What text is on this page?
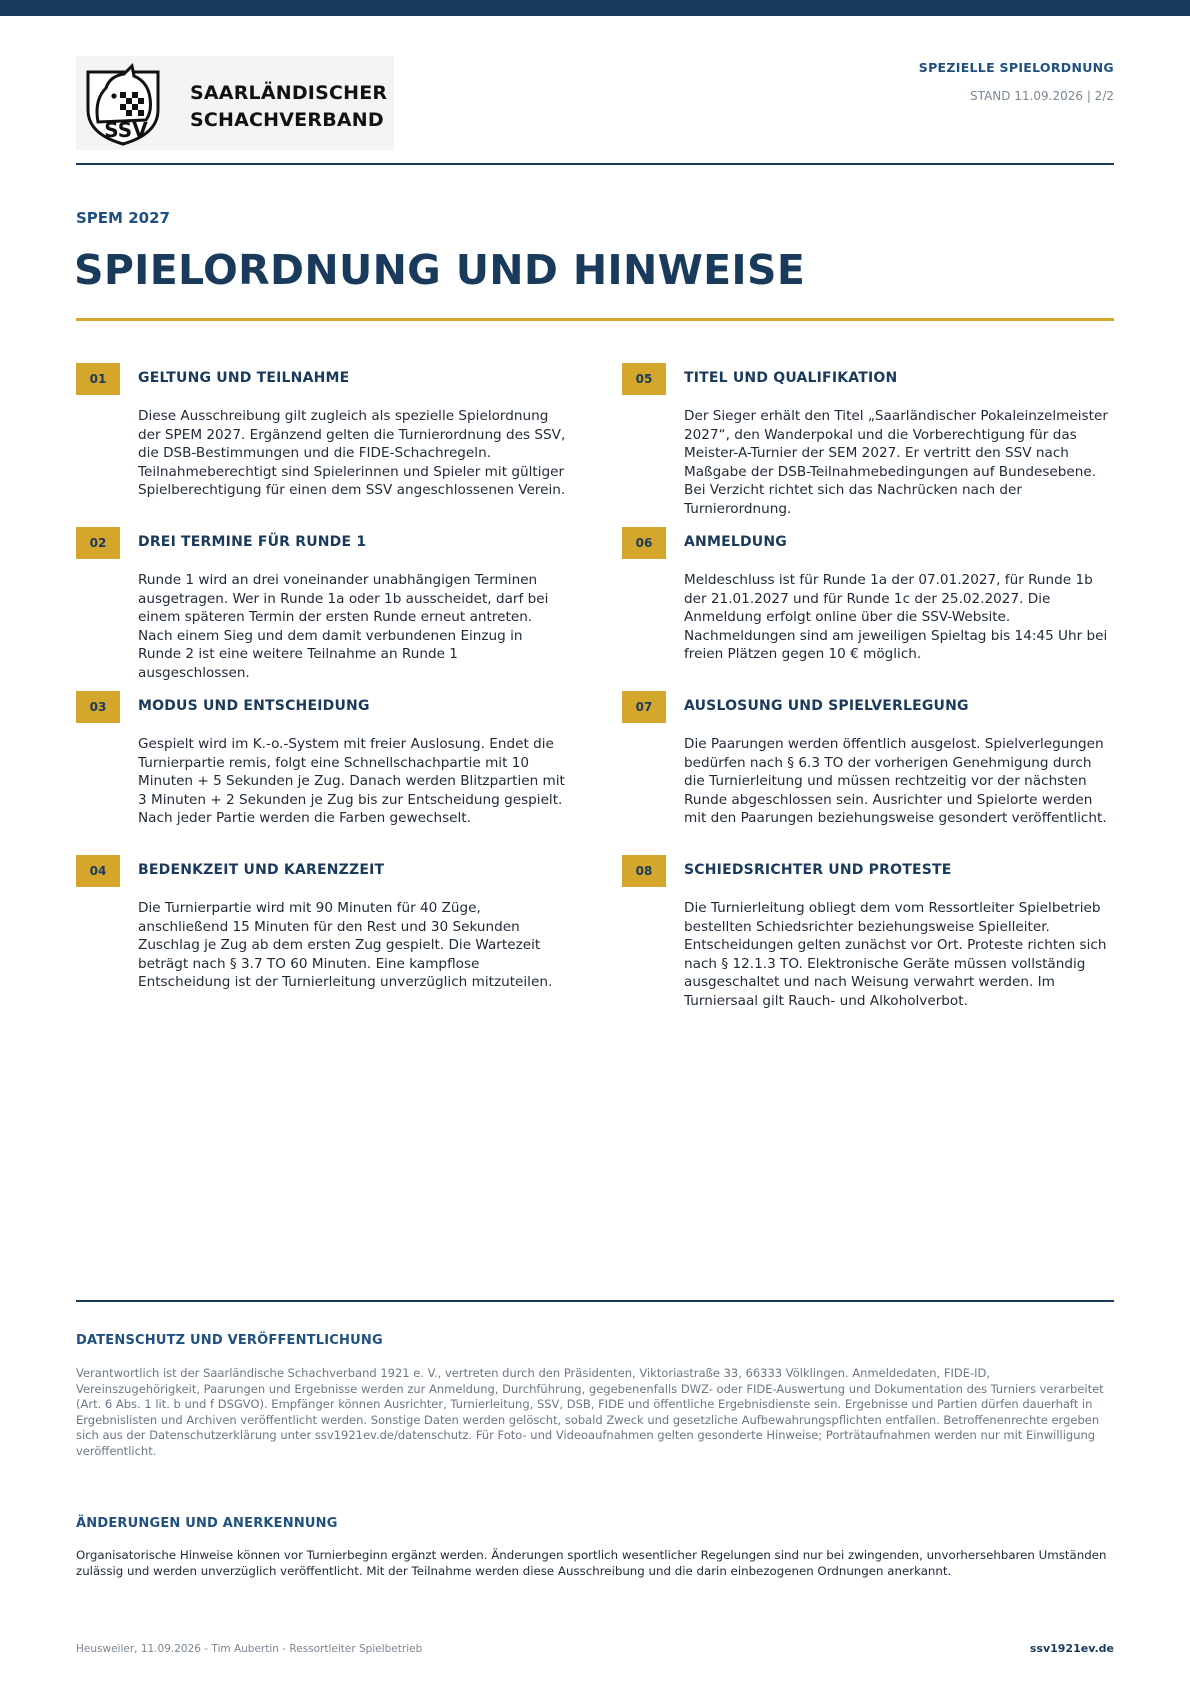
SSV
SAARLÄNDISCHER
SCHACHVERBAND
SPEZIELLE SPIELORDNUNG
STAND 11.09.2026 | 2/2
SPEM 2027
SPIELORDNUNG UND HINWEISE
01	GELTUNG UND TEILNAHME
Diese Ausschreibung gilt zugleich als spezielle Spielordnung der SPEM 2027. Ergänzend gelten die Turnierordnung des SSV, die DSB-Bestimmungen und die FIDE-Schachregeln. Teilnahmeberechtigt sind Spielerinnen und Spieler mit gültiger Spielberechtigung für einen dem SSV angeschlossenen Verein.
02	DREI TERMINE FÜR RUNDE 1
Runde 1 wird an drei voneinander unabhängigen Terminen ausgetragen. Wer in Runde 1a oder 1b ausscheidet, darf bei einem späteren Termin der ersten Runde erneut antreten. Nach einem Sieg und dem damit verbundenen Einzug in Runde 2 ist eine weitere Teilnahme an Runde 1 ausgeschlossen.
03	MODUS UND ENTSCHEIDUNG
Gespielt wird im K.-o.-System mit freier Auslosung. Endet die Turnierpartie remis, folgt eine Schnellschachpartie mit 10 Minuten + 5 Sekunden je Zug. Danach werden Blitzpartien mit 3 Minuten + 2 Sekunden je Zug bis zur Entscheidung gespielt. Nach jeder Partie werden die Farben gewechselt.
04	BEDENKZEIT UND KARENZZEIT
Die Turnierpartie wird mit 90 Minuten für 40 Züge, anschließend 15 Minuten für den Rest und 30 Sekunden Zuschlag je Zug ab dem ersten Zug gespielt. Die Wartezeit beträgt nach § 3.7 TO 60 Minuten. Eine kampflose Entscheidung ist der Turnierleitung unverzüglich mitzuteilen.
05	TITEL UND QUALIFIKATION
Der Sieger erhält den Titel „Saarländischer Pokaleinzelmeister 2027“, den Wanderpokal und die Vorberechtigung für das Meister-A-Turnier der SEM 2027. Er vertritt den SSV nach Maßgabe der DSB-Teilnahmebedingungen auf Bundesebene. Bei Verzicht richtet sich das Nachrücken nach der Turnierordnung.
06	ANMELDUNG
Meldeschluss ist für Runde 1a der 07.01.2027, für Runde 1b der 21.01.2027 und für Runde 1c der 25.02.2027. Die Anmeldung erfolgt online über die SSV-Website. Nachmeldungen sind am jeweiligen Spieltag bis 14:45 Uhr bei freien Plätzen gegen 10 € möglich.
07	AUSLOSUNG UND SPIELVERLEGUNG
Die Paarungen werden öffentlich ausgelost. Spielverlegungen bedürfen nach § 6.3 TO der vorherigen Genehmigung durch die Turnierleitung und müssen rechtzeitig vor der nächsten Runde abgeschlossen sein. Ausrichter und Spielorte werden mit den Paarungen beziehungsweise gesondert veröffentlicht.
08	SCHIEDSRICHTER UND PROTESTE
Die Turnierleitung obliegt dem vom Ressortleiter Spielbetrieb bestellten Schiedsrichter beziehungsweise Spielleiter. Entscheidungen gelten zunächst vor Ort. Proteste richten sich nach § 12.1.3 TO. Elektronische Geräte müssen vollständig ausgeschaltet und nach Weisung verwahrt werden. Im Turniersaal gilt Rauch- und Alkoholverbot.
DATENSCHUTZ UND VERÖFFENTLICHUNG
Verantwortlich ist der Saarländische Schachverband 1921 e. V., vertreten durch den Präsidenten, Viktoriastraße 33, 66333 Völklingen. Anmeldedaten, FIDE-ID, Vereinszugehörigkeit, Paarungen und Ergebnisse werden zur Anmeldung, Durchführung, gegebenenfalls DWZ- oder FIDE-Auswertung und Dokumentation des Turniers verarbeitet (Art. 6 Abs. 1 lit. b und f DSGVO). Empfänger können Ausrichter, Turnierleitung, SSV, DSB, FIDE und öffentliche Ergebnisdienste sein. Ergebnisse und Partien dürfen dauerhaft in Ergebnislisten und Archiven veröffentlicht werden. Sonstige Daten werden gelöscht, sobald Zweck und gesetzliche Aufbewahrungspflichten entfallen. Betroffenenrechte ergeben sich aus der Datenschutzerklärung unter ssv1921ev.de/datenschutz. Für Foto- und Videoaufnahmen gelten gesonderte Hinweise; Porträtaufnahmen werden nur mit Einwilligung veröffentlicht.
ÄNDERUNGEN UND ANERKENNUNG
Organisatorische Hinweise können vor Turnierbeginn ergänzt werden. Änderungen sportlich wesentlicher Regelungen sind nur bei zwingenden, unvorhersehbaren Umständen zulässig und werden unverzüglich veröffentlicht. Mit der Teilnahme werden diese Ausschreibung und die darin einbezogenen Ordnungen anerkannt.
Heusweiler, 11.09.2026 - Tim Aubertin - Ressortleiter Spielbetrieb	ssv1921ev.de
